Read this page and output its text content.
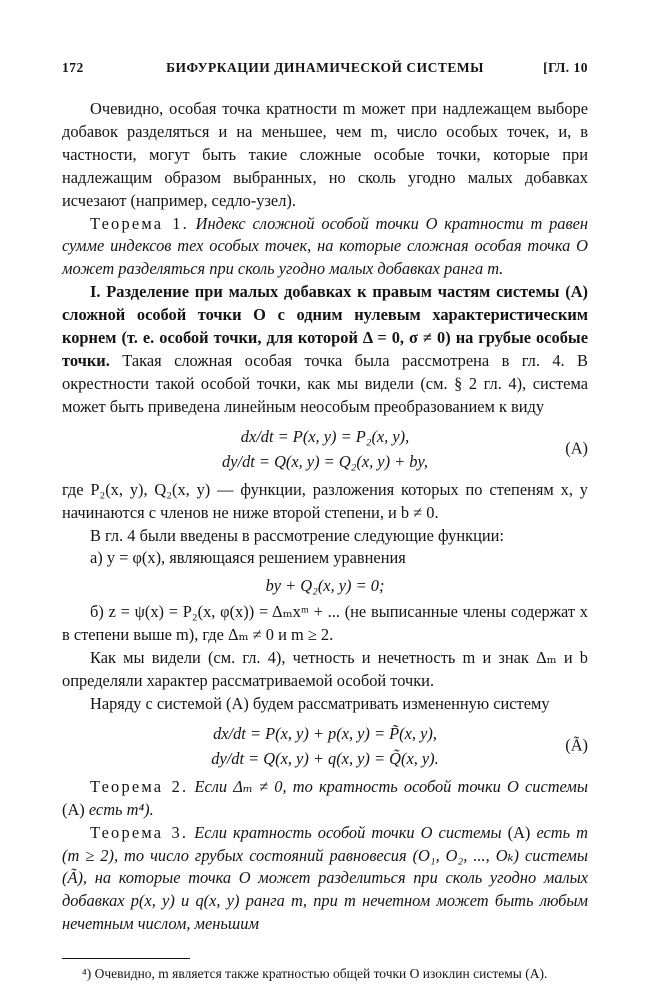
172	БИФУРКАЦИИ ДИНАМИЧЕСКОЙ СИСТЕМЫ	[ГЛ. 10

Очевидно, особая точка кратности m может при надлежащем выборе добавок разделяться и на меньшее, чем m, число особых точек, и, в частности, могут быть такие сложные особые точки, которые при надлежащим образом выбранных, но сколь угодно малых добавках исчезают (например, седло-узел).

Теорема 1. Индекс сложной особой точки O кратности m равен сумме индексов тех особых точек, на которые сложная особая точка O может разделяться при сколь угодно малых добавках ранга m.

I. Разделение при малых добавках к правым частям системы (A) сложной особой точки O с одним нулевым характеристическим корнем (т. е. особой точки, для которой Δ = 0, σ ≠ 0) на грубые особые точки. Такая сложная особая точка была рассмотрена в гл. 4. В окрестности такой особой точки, как мы видели (см. § 2 гл. 4), система может быть приведена линейным неособым преобразованием к виду

dx/dt = P(x, y) = P₂(x, y),
dy/dt = Q(x, y) = Q₂(x, y) + by,
(A)

где P₂(x, y), Q₂(x, y) — функции, разложения которых по степеням x, y начинаются с членов не ниже второй степени, и b ≠ 0.

В гл. 4 были введены в рассмотрение следующие функции:

а) y = φ(x), являющаяся решением уравнения

by + Q₂(x, y) = 0;

б) z = ψ(x) = P₂(x, φ(x)) = Δₘxᵐ + ... (не выписанные члены содержат x в степени выше m), где Δₘ ≠ 0 и m ≥ 2.

Как мы видели (см. гл. 4), четность и нечетность m и знак Δₘ и b определяли характер рассматриваемой особой точки.

Наряду с системой (A) будем рассматривать измененную систему

dx/dt = P(x, y) + p(x, y) = P̃(x, y),
dy/dt = Q(x, y) + q(x, y) = Q̃(x, y).
(Ã)

Теорема 2. Если Δₘ ≠ 0, то кратность особой точки O системы (A) есть m⁴).

Теорема 3. Если кратность особой точки O системы (A) есть m (m ≥ 2), то число грубых состояний равновесия (O₁, O₂, ..., Oₖ) системы (Ã), на которые точка O может разделиться при сколь угодно малых добавках p(x, y) и q(x, y) ранга m, при m нечетном может быть любым нечетным числом, меньшим

⁴) Очевидно, m является также кратностью общей точки O изоклин системы (A).
